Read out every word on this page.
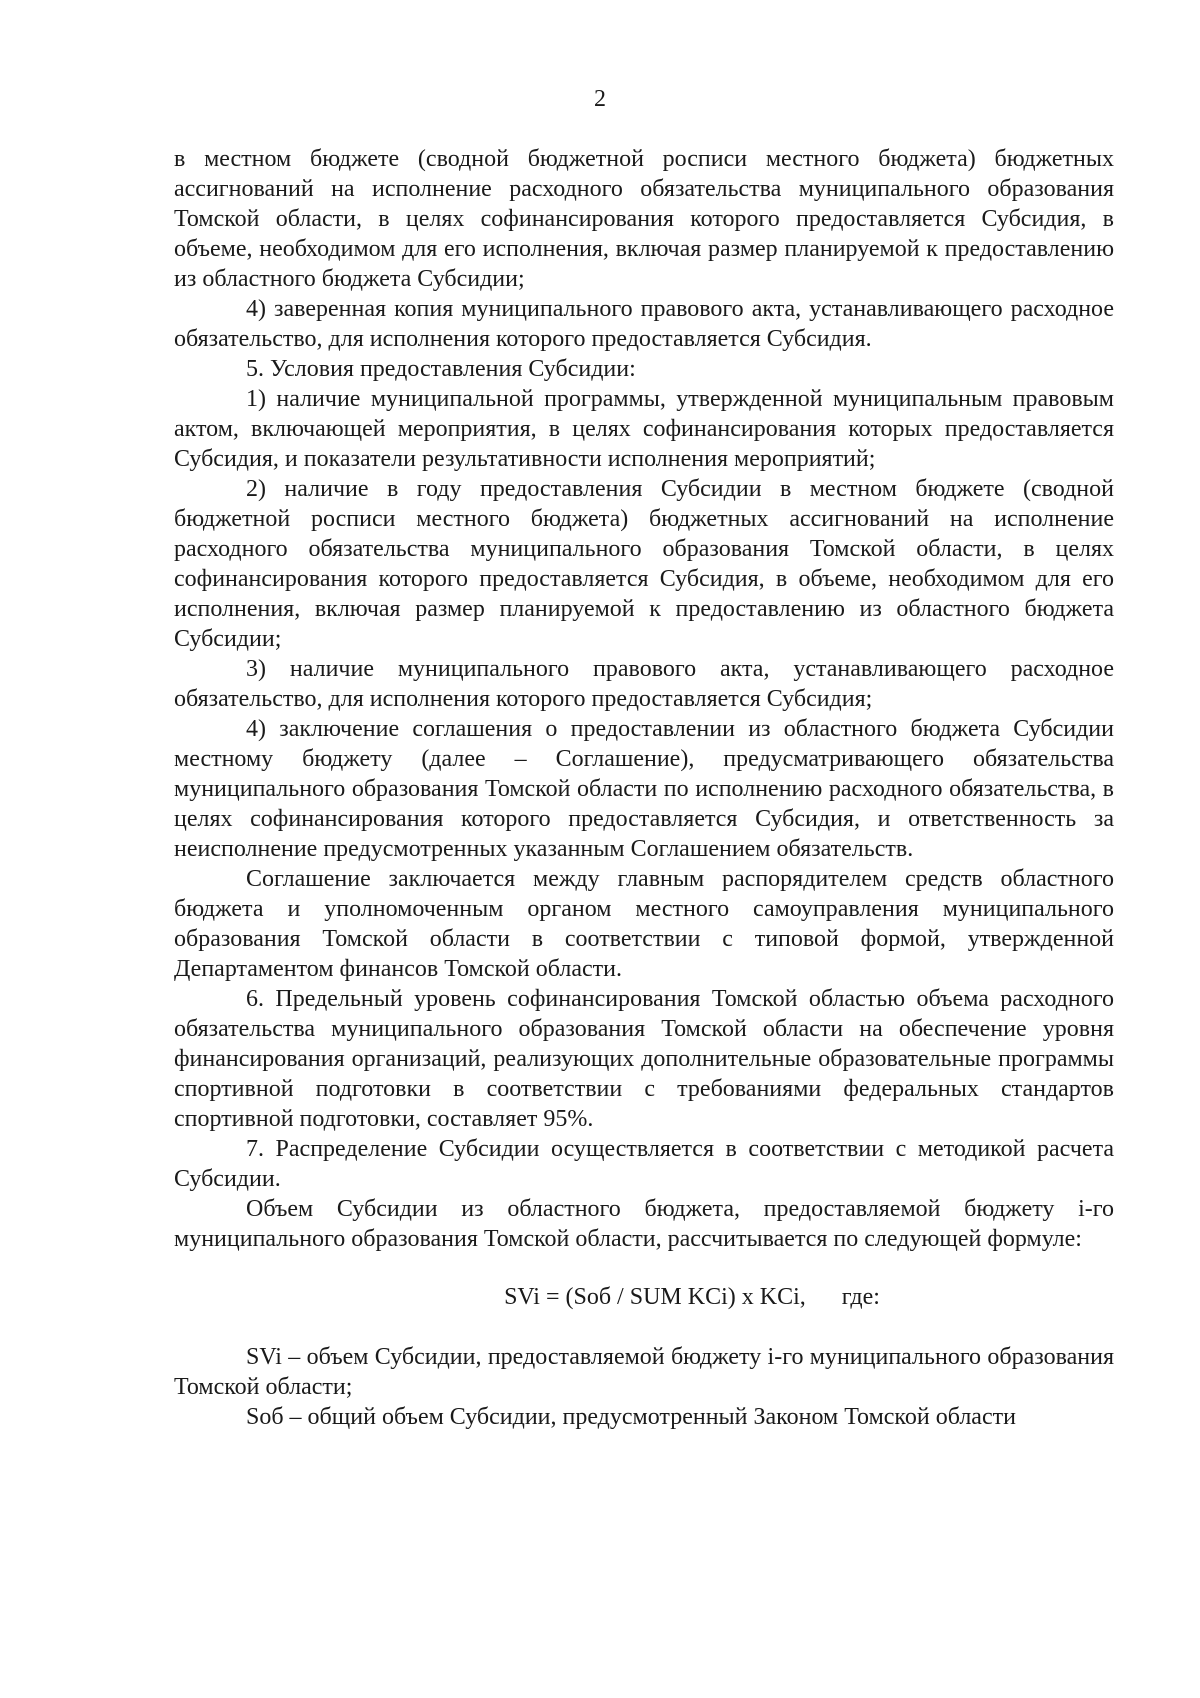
2

в местном бюджете (сводной бюджетной росписи местного бюджета) бюджетных ассигнований на исполнение расходного обязательства муниципального образования Томской области, в целях софинансирования которого предоставляется Субсидия, в объеме, необходимом для его исполнения, включая размер планируемой к предоставлению из областного бюджета Субсидии;

4) заверенная копия муниципального правового акта, устанавливающего расходное обязательство, для исполнения которого предоставляется Субсидия.

5. Условия предоставления Субсидии:

1) наличие муниципальной программы, утвержденной муниципальным правовым актом, включающей мероприятия, в целях софинансирования которых предоставляется Субсидия, и показатели результативности исполнения мероприятий;

2) наличие в году предоставления Субсидии в местном бюджете (сводной бюджетной росписи местного бюджета) бюджетных ассигнований на исполнение расходного обязательства муниципального образования Томской области, в целях софинансирования которого предоставляется Субсидия, в объеме, необходимом для его исполнения, включая размер планируемой к предоставлению из областного бюджета Субсидии;

3) наличие муниципального правового акта, устанавливающего расходное обязательство, для исполнения которого предоставляется Субсидия;

4) заключение соглашения о предоставлении из областного бюджета Субсидии местному бюджету (далее – Соглашение), предусматривающего обязательства муниципального образования Томской области по исполнению расходного обязательства, в целях софинансирования которого предоставляется Субсидия, и ответственность за неисполнение предусмотренных указанным Соглашением обязательств.

Соглашение заключается между главным распорядителем средств областного бюджета и уполномоченным органом местного самоуправления муниципального образования Томской области в соответствии с типовой формой, утвержденной Департаментом финансов Томской области.

6. Предельный уровень софинансирования Томской областью объема расходного обязательства муниципального образования Томской области на обеспечение уровня финансирования организаций, реализующих дополнительные образовательные программы спортивной подготовки в соответствии с требованиями федеральных стандартов спортивной подготовки, составляет 95%.

7. Распределение Субсидии осуществляется в соответствии с методикой расчета Субсидии.

Объем Субсидии из областного бюджета, предоставляемой бюджету i-го муниципального образования Томской области, рассчитывается по следующей формуле:

SVi = (Sоб / SUM KCi) x KCi, где:

SVi – объем Субсидии, предоставляемой бюджету i-го муниципального образования Томской области;

Sоб – общий объем Субсидии, предусмотренный Законом Томской области
